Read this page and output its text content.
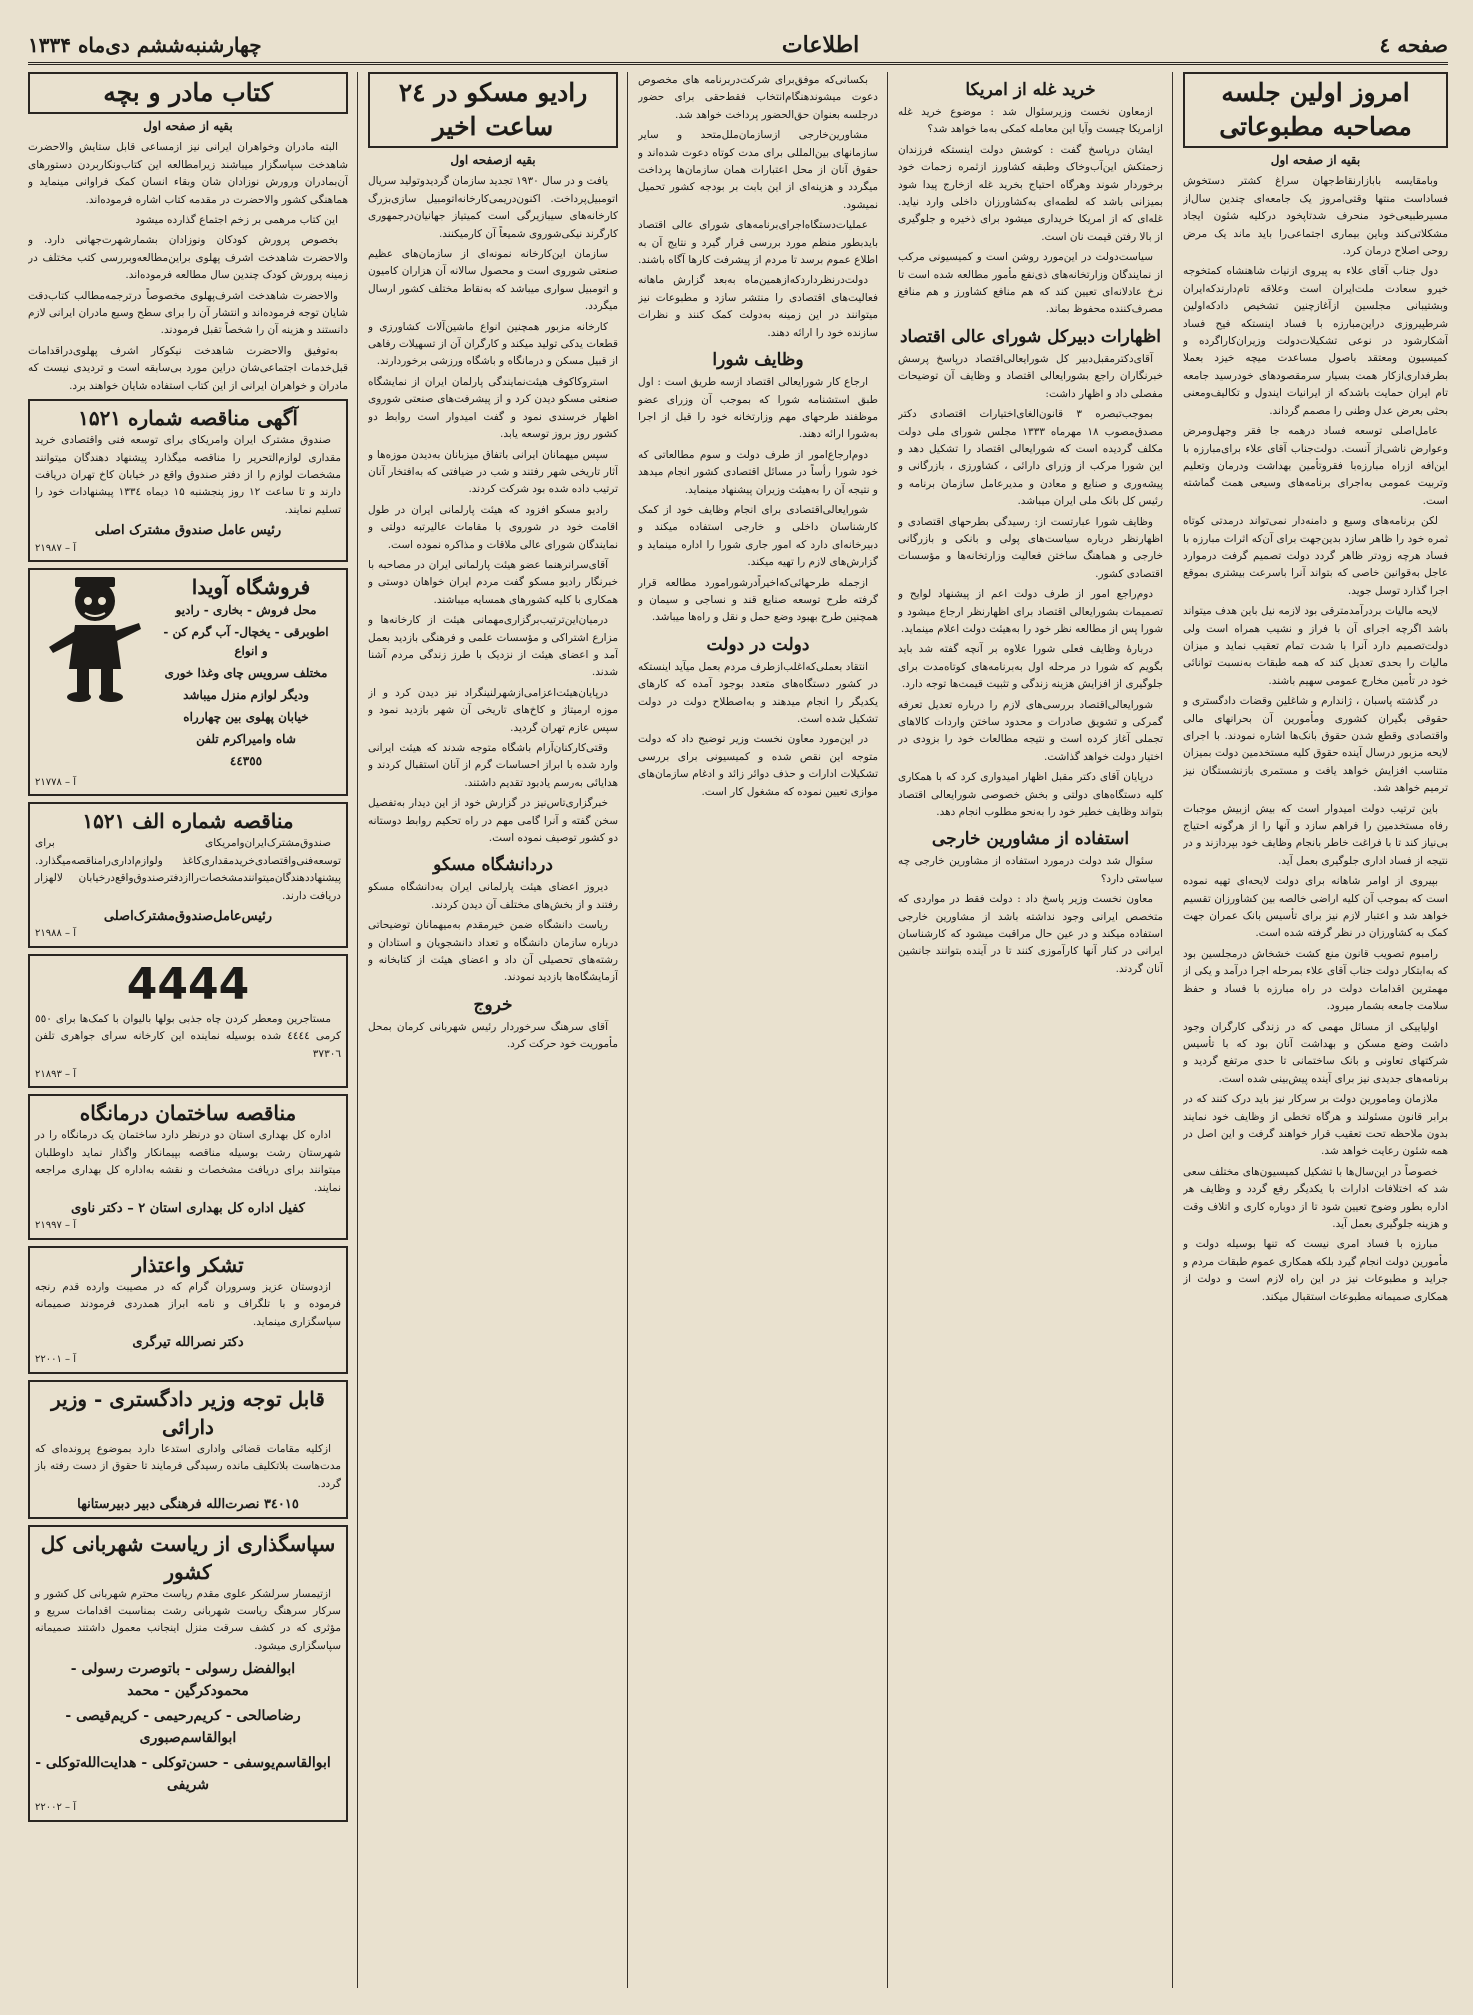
صفحه ٤
اطلاعات
چهارشنبه‌ششم دی‌ماه ۱۳۳۴
امروز اولین جلسه مصاحبه مطبوعاتی
بقیه از صفحه اول
وبامقایسه بابازارنقاط‌جهان سراغ کشتر دستخوش فساداست منتها وقتی‌امروز یک جامعه‌ای چندین سال‌از مسیرطبیعی‌خود منحرف شدتاپخود درکلیه شئون ایجاد مشکلاتی‌کند وباین بیماری اجتماعی‌را باید ماند یک مرض روحی اصلاح درمان کرد.
دول جناب آقای علاء به پیروی ازنیات شاهنشاه کمتخوجه خیرو سعادت ملت‌ایران است وعلاقه تام‌دارند‌که‌ایران وبشتیبانی مجلسین ازآغازچنین تشخیص داد‌که‌اولین شرطپیروزی دراین‌مبارزه با فساد اینستکه فیح فساد آشکارشود در نوعی تشکیلات‌دولت وزیران‌کاراگرده و کمیسیون ومعتقد باصول مساعدت میچه خیزد بعملا بطرفداری‌ازکار همت بسیار سرمقصود‌های خودرسید جامعه تام ایران حمایت باشدکه از ایرانیات ایندول و تکالیف‌ومعنی بحثی بعرض عدل وطنی را مصمم گرداند.
عامل‌اصلی توسعه فساد درهمه جا فقر وجهل‌ومرض وعوارض ناشی‌از آنست. دولت‌جناب آقای علاء برای‌مبارزه با این‌افه ازراه مبارزه‌با فقروتأمین بهداشت ودرمان وتعلیم وتربیت عمومی به‌اجرای برنامه‌های وسیعی همت گماشته است.
لکن برنامه‌های وسیع و دامنه‌دار نمی‌تواند درمدتی کوتاه ثمره خود را ظاهر سازد بدین‌جهت برای آن‌که اثرات مبارزه با فساد هرچه زودتر ظاهر گردد دولت تصمیم گرفت درموارد عاجل به‌قوانین خاصی که بتواند آنرا باسرعت بیشتری بموقع اجرا گذارد توسل جوید.
لایحه مالیات بردرآمد‌مترقی بود لازمه نیل باین هدف میتواند باشد اگرچه اجرای آن با فراز و نشیب همراه است ولی دولت‌تصمیم دارد آنرا با شدت تمام تعقیب نماید و میزان مالیات را بحدی تعدیل کند که همه طبقات به‌نسبت توانائی خود در تأمین مخارج عمومی سهیم باشند.
در گذشته پاسبان ، ژاندارم و شاغلین وقضات دادگستری و حقوقی بگیران کشوری ومأمورین آن بحرانهای مالی واقتصادی وقطع شدن حقوق بانک‌ها اشاره نمودند. با اجرای لایحه مزبور درسال آینده حقوق کلیه مستخدمین دولت بمیزان متناسب افزایش خواهد یافت و مستمری بازنشستگان نیز ترمیم خواهد شد.
باین ترتیب دولت امیدوار است که بیش ازبیش موجبات رفاه مستخدمین را فراهم سازد و آنها را از هرگونه احتیاج بی‌نیاز کند تا با فراغت خاطر بانجام وظایف خود بپردازند و در نتیجه از فساد اداری جلوگیری بعمل آید.
بپیروی از اوامر شاهانه برای دولت لایحه‌ای تهیه نموده است که بموجب آن کلیه اراضی خالصه بین کشاورزان تقسیم خواهد شد و اعتبار لازم نیز برای تأسیس بانک عمران جهت کمک به کشاورزان در نظر گرفته شده است.
رامبوم تصویب قانون منع کشت خشخاش درمجلسین بود که به‌ابتکار دولت جناب آقای علاء بمرحله اجرا درآمد و یکی از مهمترین اقدامات دولت در راه مبارزه با فساد و حفظ سلامت جامعه بشمار میرود.
اولیاییکی از مسائل مهمی که در زندگی کارگران وجود داشت وضع مسکن و بهداشت آنان بود که با تأسیس شرکتهای تعاونی و بانک ساختمانی تا حدی مرتفع گردید و برنامه‌های جدیدی نیز برای آینده پیش‌بینی شده است.
ملازمان ومامورین دولت بر سرکار نیز باید درک کنند که در برابر قانون مسئولند و هرگاه تخطی از وظایف خود نمایند بدون ملاحظه تحت تعقیب قرار خواهند گرفت و این اصل در همه شئون رعایت خواهد شد.
خصوصاً در این‌سال‌ها با تشکیل کمیسیون‌های مختلف سعی شد که اختلافات ادارات با یکدیگر رفع گردد و وظایف هر اداره بطور وضوح تعیین شود تا از دوباره کاری و اتلاف وقت و هزینه جلوگیری بعمل آید.
مبارزه با فساد امری نیست که تنها بوسیله دولت و مأمورین دولت انجام گیرد بلکه همکاری عموم طبقات مردم و جراید و مطبوعات نیز در این راه لازم است و دولت از همکاری صمیمانه مطبوعات استقبال میکند.
خرید غله از امریکا
ازمعاون نخست وزیرسئوال شد : موضوع خرید غله ازامریکا چیست وآیا این معامله کمکی به‌ما خواهد شد؟
ایشان درپاسخ گفت : کوشش دولت اینستکه فرزندان زحمتکش این‌آب‌وخاک وطبقه کشاورز ازثمره زحمات خود برخوردار شوند وهرگاه احتیاج بخرید غله ازخارج پیدا شود بمیزانی باشد که لطمه‌ای به‌کشاورزان داخلی وارد نیاید. غله‌ای که از امریکا خریداری میشود برای ذخیره و جلوگیری از بالا رفتن قیمت نان است.
سیاست‌دولت در این‌مورد روشن است و کمیسیونی مرکب از نمایندگان وزارتخانه‌های ذی‌نفع مأمور مطالعه شده است تا نرخ عادلانه‌ای تعیین کند که هم منافع کشاورز و هم منافع مصرف‌کننده محفوظ بماند.
اظهارات دبیرکل شورای عالی اقتصاد
آقای‌دکترمقبل‌دبیر کل شورایعالی‌اقتصاد درپاسخ پرسش خبرنگاران راجع بشورایعالی اقتصاد و وظایف آن توضیحات مفصلی داد و اظهار داشت:
بموجب‌تبصره ۳ قانون‌الغای‌اختیارات اقتصادی دکتر مصدق‌مصوب ۱۸ مهرماه ۱۳۳۳ مجلس شورای ملی دولت مکلف گردیده است که شورایعالی اقتصاد را تشکیل دهد و این شورا مرکب از وزرای دارائی ، کشاورزی ، بازرگانی و پیشه‌وری و صنایع و معادن و مدیرعامل سازمان برنامه و رئیس کل بانک ملی ایران میباشد.
وظایف شورا عبارتست از: رسیدگی بطرحهای اقتصادی و اظهارنظر درباره سیاست‌های پولی و بانکی و بازرگانی خارجی و هماهنگ ساختن فعالیت وزارتخانه‌ها و مؤسسات اقتصادی کشور.
دوم‌راجع امور از طرف دولت اعم از پیشنهاد لوایح و تصمیمات بشورایعالی اقتصاد برای اظهارنظر ارجاع میشود و شورا پس از مطالعه نظر خود را به‌هیئت دولت اعلام مینماید.
دربارهٔ وظایف فعلی شورا علاوه بر آنچه گفته شد باید بگویم که شورا در مرحله اول به‌برنامه‌های کوتاه‌مدت برای جلوگیری از افزایش هزینه زندگی و تثبیت قیمت‌ها توجه دارد.
شورایعالی‌اقتصاد بررسی‌های لازم را درباره تعدیل تعرفه گمرکی و تشویق صادرات و محدود ساختن واردات کالاهای تجملی آغاز کرده است و نتیجه مطالعات خود را بزودی در اختیار دولت خواهد گذاشت.
درپایان آقای دکتر مقبل اظهار امیدواری کرد که با همکاری کلیه دستگاه‌های دولتی و بخش خصوصی شورایعالی اقتصاد بتواند وظایف خطیر خود را به‌نحو مطلوب انجام دهد.
استفاده از مشاورین خارجی
سئوال شد دولت درمورد استفاده از مشاورین خارجی چه سیاستی دارد؟
معاون نخست وزیر پاسخ داد : دولت فقط در مواردی که متخصص ایرانی وجود نداشته باشد از مشاورین خارجی استفاده میکند و در عین حال مراقبت میشود که کارشناسان ایرانی در کنار آنها کارآموزی کنند تا در آینده بتوانند جانشین آنان گردند.
بکسانی‌که موفق‌برای شرکت‌دربرنامه های مخصوص دعوت میشوند‌هنگام‌انتخاب فقط‌حقی برای حضور درجلسه بعنوان حق‌الحضور پرداخت خواهد شد.
مشاورین‌خارجی ازسازمان‌ملل‌متحد و سایر سازمانهای بین‌المللی برای مدت کوتاه دعوت شده‌اند و حقوق آنان از محل اعتبارات همان سازمان‌ها پرداخت میگردد و هزینه‌ای از این بابت بر بودجه کشور تحمیل نمیشود.
عملیات‌دستگاه‌اجرای‌برنامه‌های شورای عالی اقتصاد بایدبطور منظم مورد بررسی قرار گیرد و نتایج آن به اطلاع عموم برسد تا مردم از پیشرفت کارها آگاه باشند.
دولت‌درنظر‌دارد‌که‌ازهمین‌ماه به‌بعد گزارش ماهانه فعالیت‌های اقتصادی را منتشر سازد و مطبوعات نیز میتوانند در این زمینه به‌دولت کمک کنند و نظرات سازنده خود را ارائه دهند.
وظایف شورا
ارجاع کار شورایعالی اقتصاد ازسه طریق است : اول طبق استشنامه شورا که بموجب آن وزرای عضو موظفند طرحهای مهم وزارتخانه خود را قبل از اجرا به‌شورا ارائه دهند.
دوم‌ارجاع‌امور از طرف دولت و سوم مطالعاتی که خود شورا رأساً در مسائل اقتصادی کشور انجام میدهد و نتیجه آن را به‌هیئت وزیران پیشنهاد مینماید.
شورایعالی‌اقتصادی برای انجام وظایف خود از کمک کارشناسان داخلی و خارجی استفاده میکند و دبیرخانه‌ای دارد که امور جاری شورا را اداره مینماید و گزارش‌های لازم را تهیه میکند.
ازجمله طرحهائی‌که‌اخیراً‌درشورا‌مورد مطالعه قرار گرفته طرح توسعه صنایع قند و نساجی و سیمان و همچنین طرح بهبود وضع حمل و نقل و راه‌ها میباشد.
دولت در دولت
انتقاد بعملی‌که‌اغلب‌از‌طرف مردم بعمل میآید اینستکه در کشور دستگاه‌های متعدد بوجود آمده که کارهای یکدیگر را انجام میدهند و به‌اصطلاح دولت در دولت تشکیل شده است.
در این‌مورد معاون نخست وزیر توضیح داد که دولت متوجه این نقص شده و کمیسیونی برای بررسی تشکیلات ادارات و حذف دوائر زائد و ادغام سازمان‌های موازی تعیین نموده که مشغول کار است.
رادیو مسکو در ٢٤ ساعت اخیر
بقیه ازصفحه اول
یافت و در سال ۱۹۳۰ تجدید سازمان گردیدوتولید سریال اتومبیل‌پرداخت. اکنون‌دریمی‌کارخانه‌اتومبیل سازی‌بزرگ کارخانه‌های سیبازیرگی است کمیتیاز جهانیان‌درجمهوری کارگرند نیکی‌شوروی شمیعاً آن کارمیکنند.
سازمان این‌کارخانه نمونه‌ای از سازمان‌های عظیم صنعتی شوروی است و محصول سالانه آن هزاران کامیون و اتومبیل سواری میباشد که به‌نقاط مختلف کشور ارسال میگردد.
کارخانه مزبور همچنین انواع ماشین‌آلات کشاورزی و قطعات یدکی تولید میکند و کارگران آن از تسهیلات رفاهی از قبیل مسکن و درمانگاه و باشگاه ورزشی برخوردارند.
استروکاکوف هیئت‌نمایندگی پارلمان ایران از نمایشگاه صنعتی مسکو دیدن کرد و از پیشرفت‌های صنعتی شوروی اظهار خرسندی نمود و گفت امیدوار است روابط دو کشور روز بروز توسعه یابد.
سپس میهمانان ایرانی باتفاق میزبانان به‌دیدن موزه‌ها و آثار تاریخی شهر رفتند و شب در ضیافتی که به‌افتخار آنان ترتیب داده شده بود شرکت کردند.
رادیو مسکو افزود که هیئت پارلمانی ایران در طول اقامت خود در شوروی با مقامات عالیرتبه دولتی و نمایندگان شورای عالی ملاقات و مذاکره نموده است.
آقای‌سرانرهنما عضو هیئت پارلمانی ایران در مصاحبه با خبرنگار رادیو مسکو گفت مردم ایران خواهان دوستی و همکاری با کلیه کشورهای همسایه میباشند.
درمیان‌این‌ترتیب‌برگزاری‌مهمانی هیئت از کارخانه‌ها و مزارع اشتراکی و مؤسسات علمی و فرهنگی بازدید بعمل آمد و اعضای هیئت از نزدیک با طرز زندگی مردم آشنا شدند.
درپایان‌هیئت‌اعزامی‌از‌شهرلنینگراد نیز دیدن کرد و از موزه ارمیتاژ و کاخ‌های تاریخی آن شهر بازدید نمود و سپس عازم تهران گردید.
وقتی‌کارکنان‌آرام باشگاه متوجه شدند که هیئت ایرانی وارد شده با ابراز احساسات گرم از آنان استقبال کردند و هدایائی به‌رسم یادبود تقدیم داشتند.
خبرگزاری‌تاس‌نیز در گزارش خود از این دیدار به‌تفصیل سخن گفته و آنرا گامی مهم در راه تحکیم روابط دوستانه دو کشور توصیف نموده است.
دردانشگاه مسکو
دیروز اعضای هیئت پارلمانی ایران به‌دانشگاه مسکو رفتند و از بخش‌های مختلف آن دیدن کردند.
ریاست دانشگاه ضمن خیرمقدم به‌میهمانان توضیحاتی درباره سازمان دانشگاه و تعداد دانشجویان و استادان و رشته‌های تحصیلی آن داد و اعضای هیئت از کتابخانه و آزمایشگاه‌ها بازدید نمودند.
خروج
آقای سرهنگ سرخوردار رئیس شهربانی کرمان بمحل مأموریت خود حرکت کرد.
کتاب مادر و بچه
بقیه از صفحه اول
البته مادران وخواهران ایرانی نیز ازمساعی قابل ستایش والاحضرت شاهدخت سپاسگزار میباشند زیرامطالعه این کتاب‌ونکاربردن دستورهای آن‌بمادران‌ ورورش نوزادان شان وبقاء انسان کمک فراوانی مینماید و هماهنگی کشور والاحضرت در مقدمه کتاب اشاره فرموده‌اند.
این کتاب مرهمی بر زخم اجتماع گذارده میشود
بخصوص پرورش کودکان ونوزادان بشمارشهرت‌جهانی دارد. و والاحضرت شاهدخت اشرف پهلوی براین‌مطالعه‌وبررسی کتب مختلف‌ در زمینه پرورش کودک چندین سال مطالعه فرموده‌اند.
والاحضرت شاهدخت اشرف‌پهلوی مخصوصاً درترجمه‌مطالب کتاب‌دقت شایان‌ توجه‌ فرموده‌اند و انتشار آن را برای سطح وسیع مادران‌ ایرانی لازم دانستند و هزینه آن را شخصاً تقبل فرمودند.
به‌توفیق والاحضرت شاهدخت‌ نیکوکار اشرف‌ پهلوی‌دراقدامات قبل‌خدمات اجتماعی‌شان‌ دراین مورد بی‌سابقه است و تردیدی نیست که مادران و خواهران ایرانی از این کتاب استفاده شایان خواهند برد.
آگهی مناقصه شماره ۱۵۲۱
صندوق مشترک ایران وامریکای برای توسعه فنی واقتصادی خرید مقداری لوازم‌التحریر را مناقصه میگذارد پیشنهاد دهندگان میتوانند مشخصات لوازم‌ را از دفتر صندوق واقع در خیابان کاخ تهران دریافت دارند و تا ساعت ۱۲ روز پنجشنبه ۱۵ دیماه ۱۳۳٤ پیشنهادات خود را تسلیم نمایند.
رئیس عامل صندوق مشترک اصلی
آ – ٢١٩٨٧
فروشگاه آویدا
محل فروش - بخاری - رادیو
اطو‌برقی - یخچال- آب گرم کن - و انواع
مختلف سرویس چای وغذا خوری
ودیگر لوازم منزل میباشد
خیابان پهلوی بین چهارراه
شاه وامیراکرم تلفن
٤٤٣٥٥
آ – ٢١٧٧٨
مناقصه شماره الف ۱۵۲۱
صندوق‌مشترک‌ایران‌وامریکای برای توسعه‌فنی‌واقتصادی‌خرید‌مقداری‌کاغذ ولوازم‌اداری‌را‌مناقصه‌میگذارد‌. پیشنهاد‌دهندگان‌میتوانند‌مشخصات‌را‌از‌دفتر‌صندوق‌واقع‌در‌خیابان‌ لالهزار دریافت دارند.
رئیس‌عامل‌صندوق‌مشترک‌اصلی
آ – ٢١٩٨٨
4444
مستاجرین ومعطر کردن چاه جذبی بولها بالیوان با کمک‌ها برای ٥٥٠ کرمی ٤٤٤٤ شده بوسیله نماینده این کارخانه سرای جواهری تلفن ٣٧٣٠٦
آ – ٢١٨٩٣
مناقصه ساختمان درمانگاه
اداره کل بهداری استان دو درنظر دارد ساختمان یک درمانگاه را در شهرستان رشت بوسیله مناقصه بپیمانکار واگذار نماید داوطلبان میتوانند برای دریافت مشخصات و نقشه به‌اداره کل بهداری مراجعه نمایند.
کفیل اداره کل بهداری استان ۲ – دکتر ناوی
آ – ٢١٩٩٧
تشکر واعتذار
ازدوستان عزیز وسروران گرام‌ که در مصیبت وارده قدم رنجه فرموده و با تلگراف و نامه ابراز همدردی فرمودند صمیمانه سپاسگزاری مینماید.
دکتر نصرالله تیرگری
آ – ٢٢٠٠١
قابل توجه وزیر دادگستری - وزیر دارائی
ازکلیه مقامات قضائی‌ واداری استدعا دارد بموضوع پرونده‌ای که مدت‌هاست بلاتکلیف مانده رسیدگی فرمایند تا حقوق از دست رفته باز گردد.
٣٤٠١٥ نصرت‌الله فرهنگی دبیر دبیرستانها
سپاسگذاری از ریاست شهربانی کل کشور
ازتیمسار سرلشکر علوی مقدم ریاست محترم شهربانی کل کشور و سرکار سرهنگ ریاست شهربانی رشت بمناسبت اقدامات سریع و مؤثری که در کشف سرقت منزل اینجانب معمول داشتند صمیمانه سپاسگزاری میشود.
ابوالفضل رسولی - باتوصرت رسولی - محمود‌کرگین - محمد
رضا‌صالحی - کریم‌رحیمی - کریم‌قیصی - ابوالقاسم‌صبوری
ابوالقاسم‌یوسفی - حسن‌توکلی - هدایت‌الله‌توکلی - شریفی
آ – ٢٢٠٠٢
